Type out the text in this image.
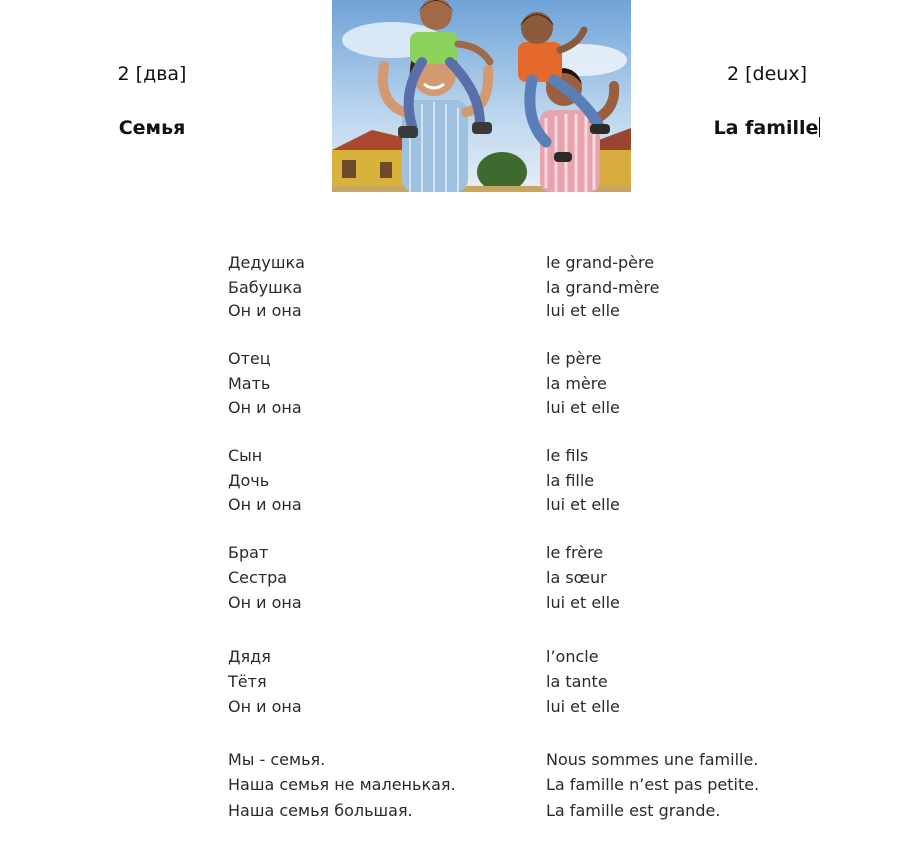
2 [два]
Семья
2 [deux]
La famille
Дедушка	le grand-père
Бабушка	la grand-mère
Он и она	lui et elle
Отец	le père
Мать	la mère
Он и она	lui et elle
Сын	le fils
Дочь	la fille
Он и она	lui et elle
Брат	le frère
Сестра	la sœur
Он и она	lui et elle
Дядя	l’oncle
Тётя	la tante
Он и она	lui et elle
Мы - семья.	Nous sommes une famille.
Наша семья не маленькая.	La famille n’est pas petite.
Наша семья большая.	La famille est grande.
